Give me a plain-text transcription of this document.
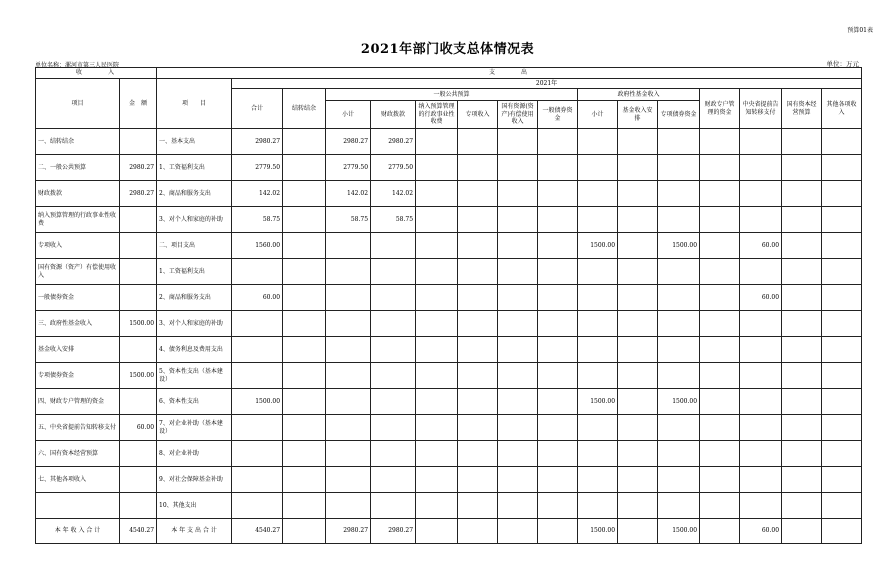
预算01表
2021年部门收支总体情况表
单位名称：漯河市第三人民医院	单位：万元
收　　　入		支　　　出															
项目	金　额	项　　目	2021年														
			合计	结转结余	一般公共预算						政府性基金收入			财政专户管理的资金	中央省提前告知转移支付	国有资本经营预算	其他各项收入
					小计	财政拨款	纳入预算管理的行政事业性收费	专项收入	国有资源(资产)有偿使用收入	一般债券资金	小计	基金收入安排	专项债券资金				
一、结转结余		一、基本支出	2980.27		2980.27	2980.27											
二、一般公共预算	2980.27	1、工资福利支出	2779.50		2779.50	2779.50											
财政拨款	2980.27	2、商品和服务支出	142.02		142.02	142.02											
纳入预算管理的行政事业性收费		3、对个人和家庭的补助	58.75		58.75	58.75											
专项收入		二、项目支出	1560.00								1500.00		1500.00		60.00		
国有资源（资产）有偿使用收入		1、工资福利支出															
一般债券资金		2、商品和服务支出	60.00												60.00		
三、政府性基金收入	1500.00	3、对个人和家庭的补助															
基金收入安排		4、债务利息及费用支出															
专项债券资金	1500.00	5、资本性支出（基本建设）															
四、财政专户管理的资金		6、资本性支出	1500.00								1500.00		1500.00				
五、中央省提前告知转移支付	60.00	7、对企业补助（基本建设）															
六、国有资本经营预算		8、对企业补助															
七、其他各项收入		9、对社会保障基金补助															
		10、其他支出															
本 年 收 入 合 计	4540.27	本 年 支 出 合 计	4540.27		2980.27	2980.27					1500.00		1500.00		60.00		
